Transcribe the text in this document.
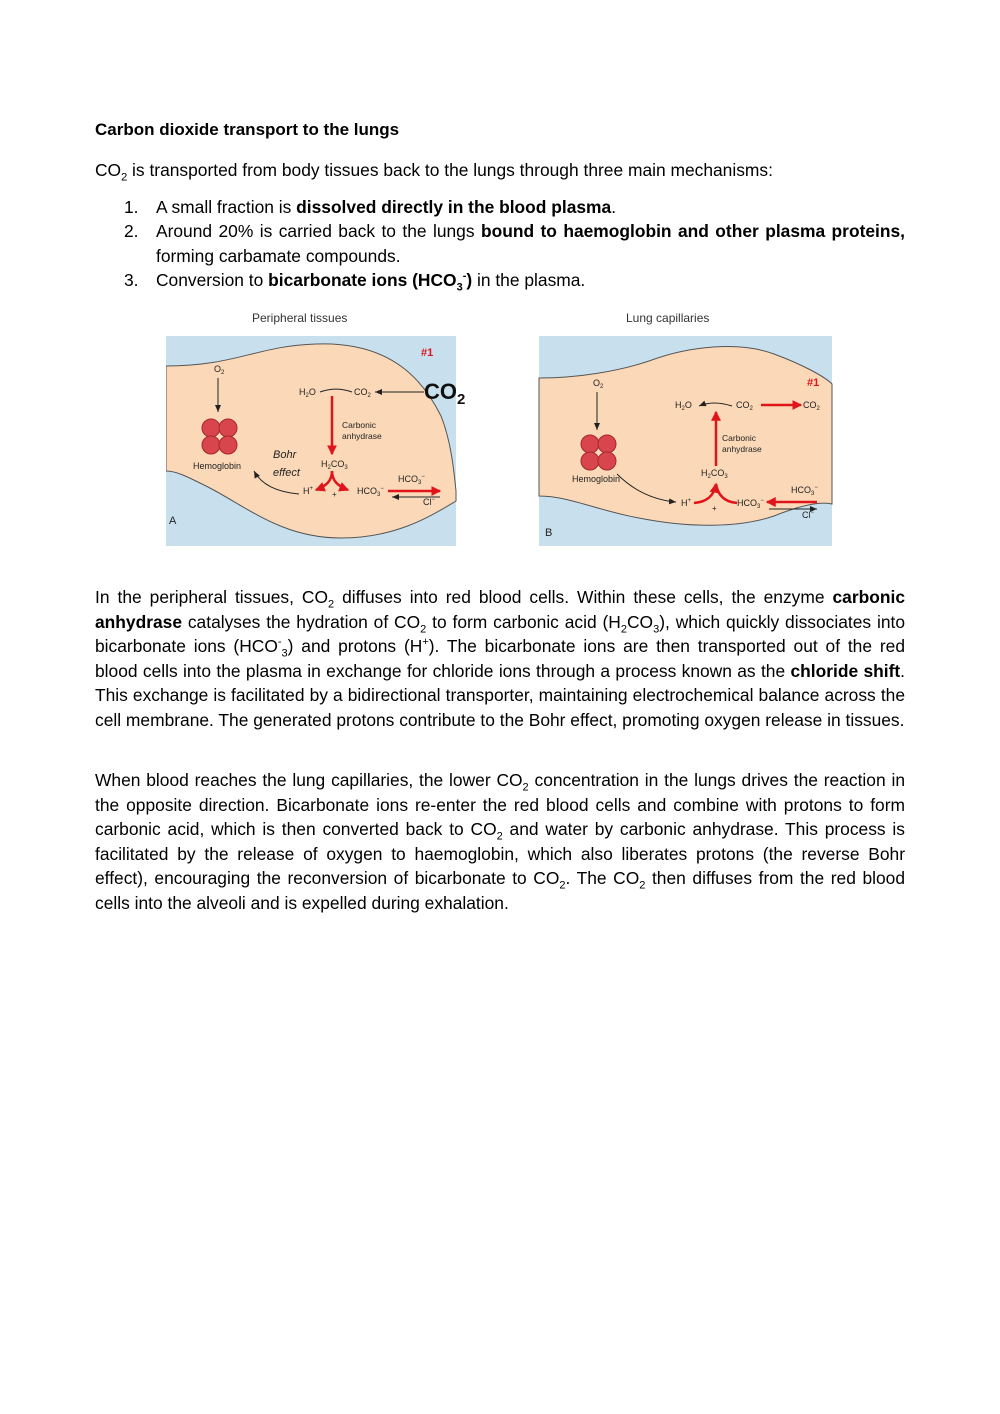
Carbon dioxide transport to the lungs

$CO_2$ is transported from body tissues back to the lungs through three main mechanisms:

1. A small fraction is dissolved directly in the blood plasma.
2. Around 20% is carried back to the lungs bound to haemoglobin and other plasma proteins, forming carbamate compounds.
3. Conversion to bicarbonate ions $(HCO_3^-)$ in the plasma.
Peripheral tissues
#1
$O_2$
Hemoglobin
$H_2O$	$CO_2$ $CO_2$
Carbonic
anhydrase
$H_2CO_3$
Bohr
effect
H+
+ $HCO_3^-$
$HCO_3^-$
Cl−
A
Lung capillaries
#1
$O_2$
Hemoglobin
$H_2O$	$CO_2$	$CO_2$
Carbonic
anhydrase
$H_2CO_3$
H+
+
$HCO_3^-$
$HCO_3^-$
Cl−
B

In the peripheral tissues, $CO_2$ diffuses into red blood cells. Within these cells, the enzyme carbonic anhydrase catalyses the hydration of $CO_2$ to form carbonic acid $(H_2CO_3)$, which quickly dissociates into bicarbonate ions $(HCO^-_3)$ and protons (H+). The bicarbonate ions are then transported out of the red blood cells into the plasma in exchange for chloride ions through a process known as the chloride shift. This exchange is facilitated by a bidirectional transporter, maintaining electrochemical balance across the cell membrane. The generated protons contribute to the Bohr effect, promoting oxygen release in tissues.

When blood reaches the lung capillaries, the lower $CO_2$ concentration in the lungs drives the reaction in the opposite direction. Bicarbonate ions re-enter the red blood cells and combine with protons to form carbonic acid, which is then converted back to $CO_2$ and water by carbonic anhydrase. This process is facilitated by the release of oxygen to haemoglobin, which also liberates protons (the reverse Bohr effect), encouraging the reconversion of bicarbonate to $CO_2$. The $CO_2$ then diffuses from the red blood cells into the alveoli and is expelled during exhalation.
